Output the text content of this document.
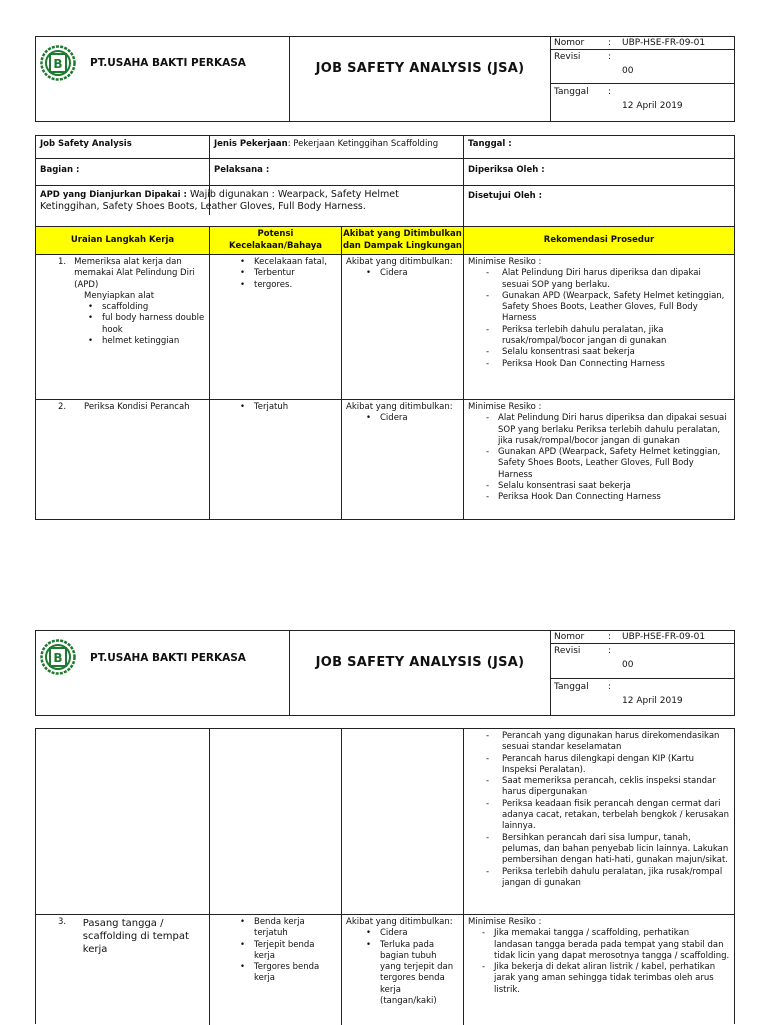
B	PT.USAHA BAKTI PERKASA	JOB SAFETY ANALYSIS (JSA)
Nomor	: UBP-HSE-FR-09-01
Revisi	:
00
Tanggal :
12 April 2019
Job Safety Analysis	Jenis Pekerjaan: Pekerjaan Ketinggihan Scaffolding	Tanggal :
Bagian :	Pelaksana :	Diperiksa Oleh :
APD yang Dianjurkan Dipakai : Wajib digunakan : Wearpack, Safety Helmet Ketinggihan, Safety Shoes Boots, Leather Gloves, Full Body Harness.
Disetujui Oleh :
Uraian Langkah Kerja
Potensi Kecelakaan/Bahaya
Akibat yang Ditimbulkan dan Dampak Lingkungan
Rekomendasi Prosedur
1. Memeriksa alat kerja dan memakai Alat Pelindung Diri (APD)
Menyiapkan alat
• scaffolding
• ful body harness double hook
• helmet ketinggian
• Kecelakaan fatal,
• Terbentur
• tergores.
Akibat yang ditimbulkan:
• Cidera
Minimise Resiko :
- Alat Pelindung Diri harus diperiksa dan dipakai sesuai SOP yang berlaku.
- Gunakan APD (Wearpack, Safety Helmet ketinggian, Safety Shoes Boots, Leather Gloves, Full Body Harness
- Periksa terlebih dahulu peralatan, jika rusak/rompal/bocor jangan di gunakan
- Selalu konsentrasi saat bekerja
- Periksa Hook Dan Connecting Harness
2.	Periksa Kondisi Perancah
•	Terjatuh	Akibat yang ditimbulkan:
• Cidera
Minimise Resiko :
- Alat Pelindung Diri harus diperiksa dan dipakai sesuai SOP yang berlaku Periksa terlebih dahulu peralatan, jika rusak/rompal/bocor jangan di gunakan
- Gunakan APD (Wearpack, Safety Helmet ketinggian, Safety Shoes Boots, Leather Gloves, Full Body Harness
- Selalu konsentrasi saat bekerja
- Periksa Hook Dan Connecting Harness
B	PT.USAHA BAKTI PERKASA	JOB SAFETY ANALYSIS (JSA)
Nomor	: UBP-HSE-FR-09-01
Revisi	:
00
Tanggal :
12 April 2019
- Perancah yang digunakan harus direkomendasikan sesuai standar keselamatan
- Perancah harus dilengkapi dengan KIP (Kartu Inspeksi Peralatan).
- Saat memeriksa perancah, ceklis inspeksi standar harus dipergunakan
- Periksa keadaan fisik perancah dengan cermat dari adanya cacat, retakan, terbelah bengkok / kerusakan lainnya.
- Bersihkan perancah dari sisa lumpur, tanah, pelumas, dan bahan penyebab licin lainnya. Lakukan pembersihan dengan hati-hati, gunakan majun/sikat.
- Periksa terlebih dahulu peralatan, jika rusak/rompal jangan di gunakan
3.	Pasang tangga / scaffolding di tempat kerja
• Benda kerja terjatuh
• Terjepit benda kerja
• Tergores benda kerja
Akibat yang ditimbulkan:
• Cidera
• Terluka pada bagian tubuh yang terjepit dan tergores benda kerja (tangan/kaki)
Minimise Resiko :
- Jika memakai tangga / scaffolding, perhatikan landasan tangga berada pada tempat yang stabil dan tidak licin yang dapat merosotnya tangga / scaffolding.
- Jika bekerja di dekat aliran listrik / kabel, perhatikan jarak yang aman sehingga tidak terimbas oleh arus listrik.
